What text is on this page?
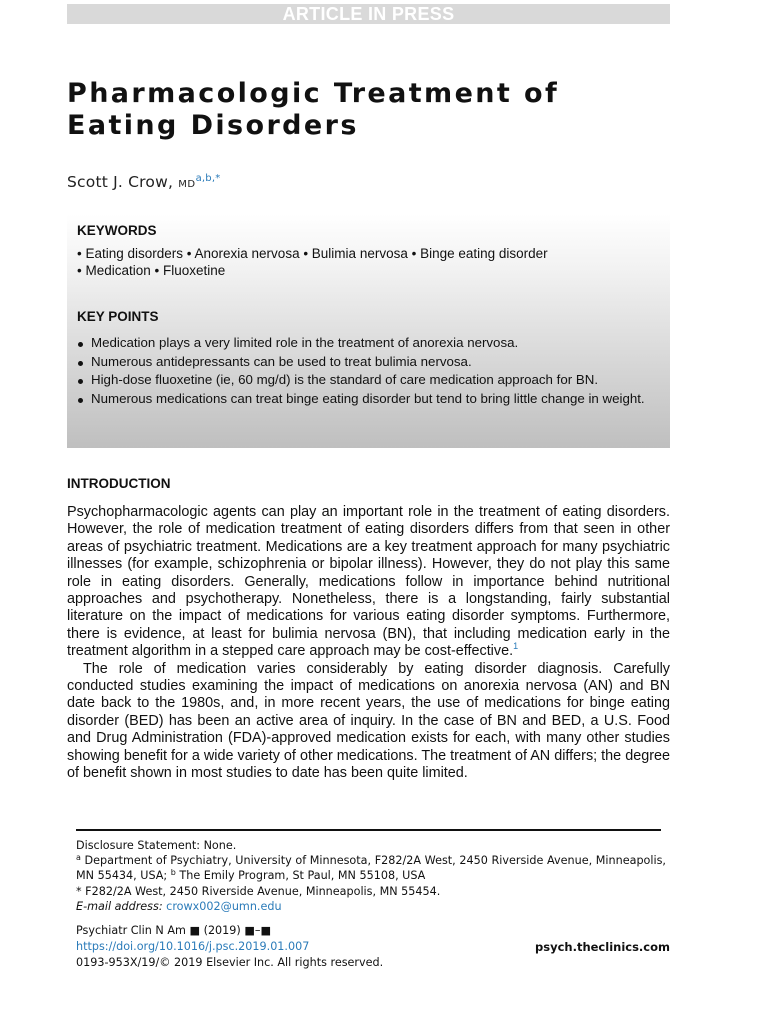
ARTICLE IN PRESS
Pharmacologic Treatment of
Eating Disorders
Scott J. Crow, $MD^{a,b,*}$
KEYWORDS
• Eating disorders • Anorexia nervosa • Bulimia nervosa • Binge eating disorder
• Medication • Fluoxetine
KEY POINTS
Medication plays a very limited role in the treatment of anorexia nervosa.
Numerous antidepressants can be used to treat bulimia nervosa.
High-dose fluoxetine (ie, 60 mg/d) is the standard of care medication approach for BN.
Numerous medications can treat binge eating disorder but tend to bring little change in weight.
INTRODUCTION

Psychopharmacologic agents can play an important role in the treatment of eating disorders. However, the role of medication treatment of eating disorders differs from that seen in other areas of psychiatric treatment. Medications are a key treatment approach for many psychiatric illnesses (for example, schizophrenia or bipolar illness). However, they do not play this same role in eating disorders. Generally, medications follow in importance behind nutritional approaches and psychotherapy. Nonetheless, there is a longstanding, fairly substantial literature on the impact of medications for various eating disorder symptoms. Furthermore, there is evidence, at least for bulimia nervosa (BN), that including medication early in the treatment algorithm in a stepped care approach may be cost-effective.$^1$

The role of medication varies considerably by eating disorder diagnosis. Carefully conducted studies examining the impact of medications on anorexia nervosa (AN) and BN date back to the 1980s, and, in more recent years, the use of medications for binge eating disorder (BED) has been an active area of inquiry. In the case of BN and BED, a U.S. Food and Drug Administration (FDA)-approved medication exists for each, with many other studies showing benefit for a wide variety of other medications. The treatment of AN differs; the degree of benefit shown in most studies to date has been quite limited.

Disclosure Statement: None.

$^a$ Department of Psychiatry, University of Minnesota, F282/2A West, 2450 Riverside Avenue, Minneapolis, MN 55434, USA; $^b$ The Emily Program, St Paul, MN 55108, USA

* F282/2A West, 2450 Riverside Avenue, Minneapolis, MN 55454.

E-mail address: crowx002@umn.edu

Psychiatr Clin N Am ■ (2019) ■–■
https://doi.org/10.1016/j.psc.2019.01.007
0193-953X/19/© 2019 Elsevier Inc. All rights reserved.
psych.theclinics.com
